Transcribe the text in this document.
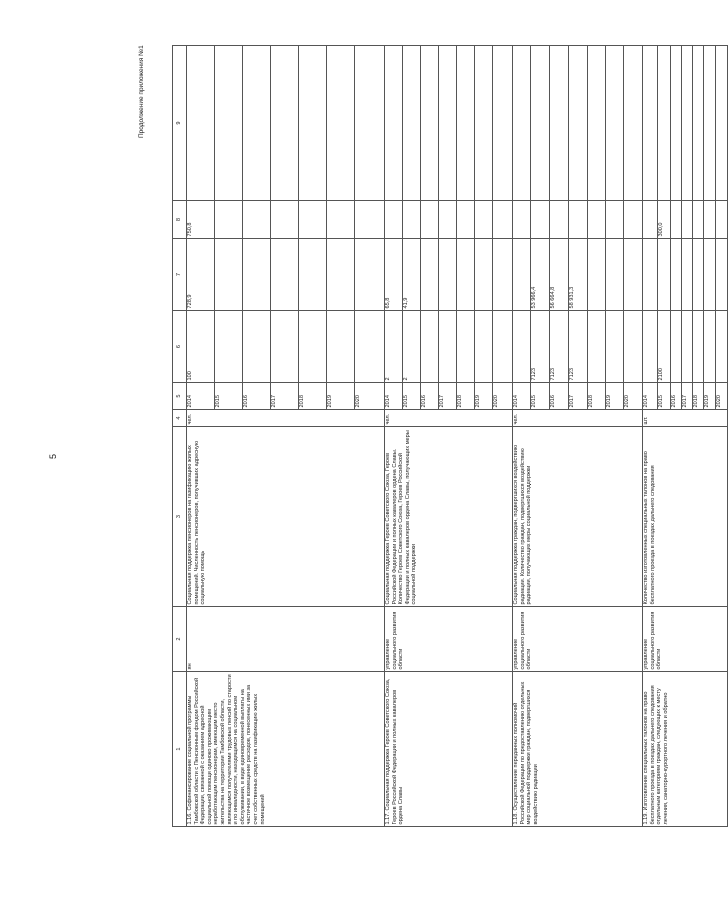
5
Продолжение приложения №1
1	2	3	4	5	6	7	8	9	
1.16. Софинансирование социальной программы Тамбовской области с Пенсионным фондом Российской Федерации, связанной с оказанием адресной социальной помощи одиноко проживающим неработающим пенсионерам, имеющим место жительства на территории Тамбовской области, являющимся получателями трудовых пенсий по старости и по инвалидности, находящимся на социальном обслуживании, в виде единовременной выплаты на частичное возмещение расходов, понесенных ими за счет собственных средств на газификацию жилых помещений	ян	Социальная поддержка пенсионеров на газификацию жилых помещений. Численность пенсионеров, получивших адресную социальную помощь	чел.	2014	100	728,9	750,8		
				2015					
				2016					
				2017					
				2018					
				2019					
				2020					
1.17. Социальная поддержка Героев Советского Союза, Героев Российской Федерации и полных кавалеров ордена Славы	управление социального развития области	Социальная поддержка Героев Советского Союза, Героев Российской Федерации и полных кавалеров ордена Славы. Количество Героев Советского Союза, Героев Российской Федерации и полных кавалеров ордена Славы, получающих меры социальной поддержки	чел.	2014	2	65,8			
				2015	2	41,9			
				2016					
				2017					
				2018					
				2019					
				2020					
1.18. Осуществление переданных полномочий Российской Федерации по предоставлению отдельных мер социальной поддержки граждан, подвергшихся воздействию радиации	управление социального развития области	Социальная поддержка граждан, подвергшихся воздействию радиации. Количество граждан, подвергшихся воздействию радиации, получающих меры социальной поддержки	чел.	2014					
				2015	7123	53 966,4			
				2016	7123	56 664,8			
				2017	7123	58 931,3			
				2018					
				2019					
				2020					
1.19. Изготовление специальных талонов на право бесплатного проезда в поездах дальнего следования отдельным категориям граждан, следующих к месту лечения, санаторно-курортного лечения и обратно	управление социального развития области	Количество изготовленных специальных талонов на право бесплатного проезда в поездах дальнего следования	шт.	2014					
				2015	2100		300,0		
				2016					
				2017					
				2018					
				2019					
				2020					
